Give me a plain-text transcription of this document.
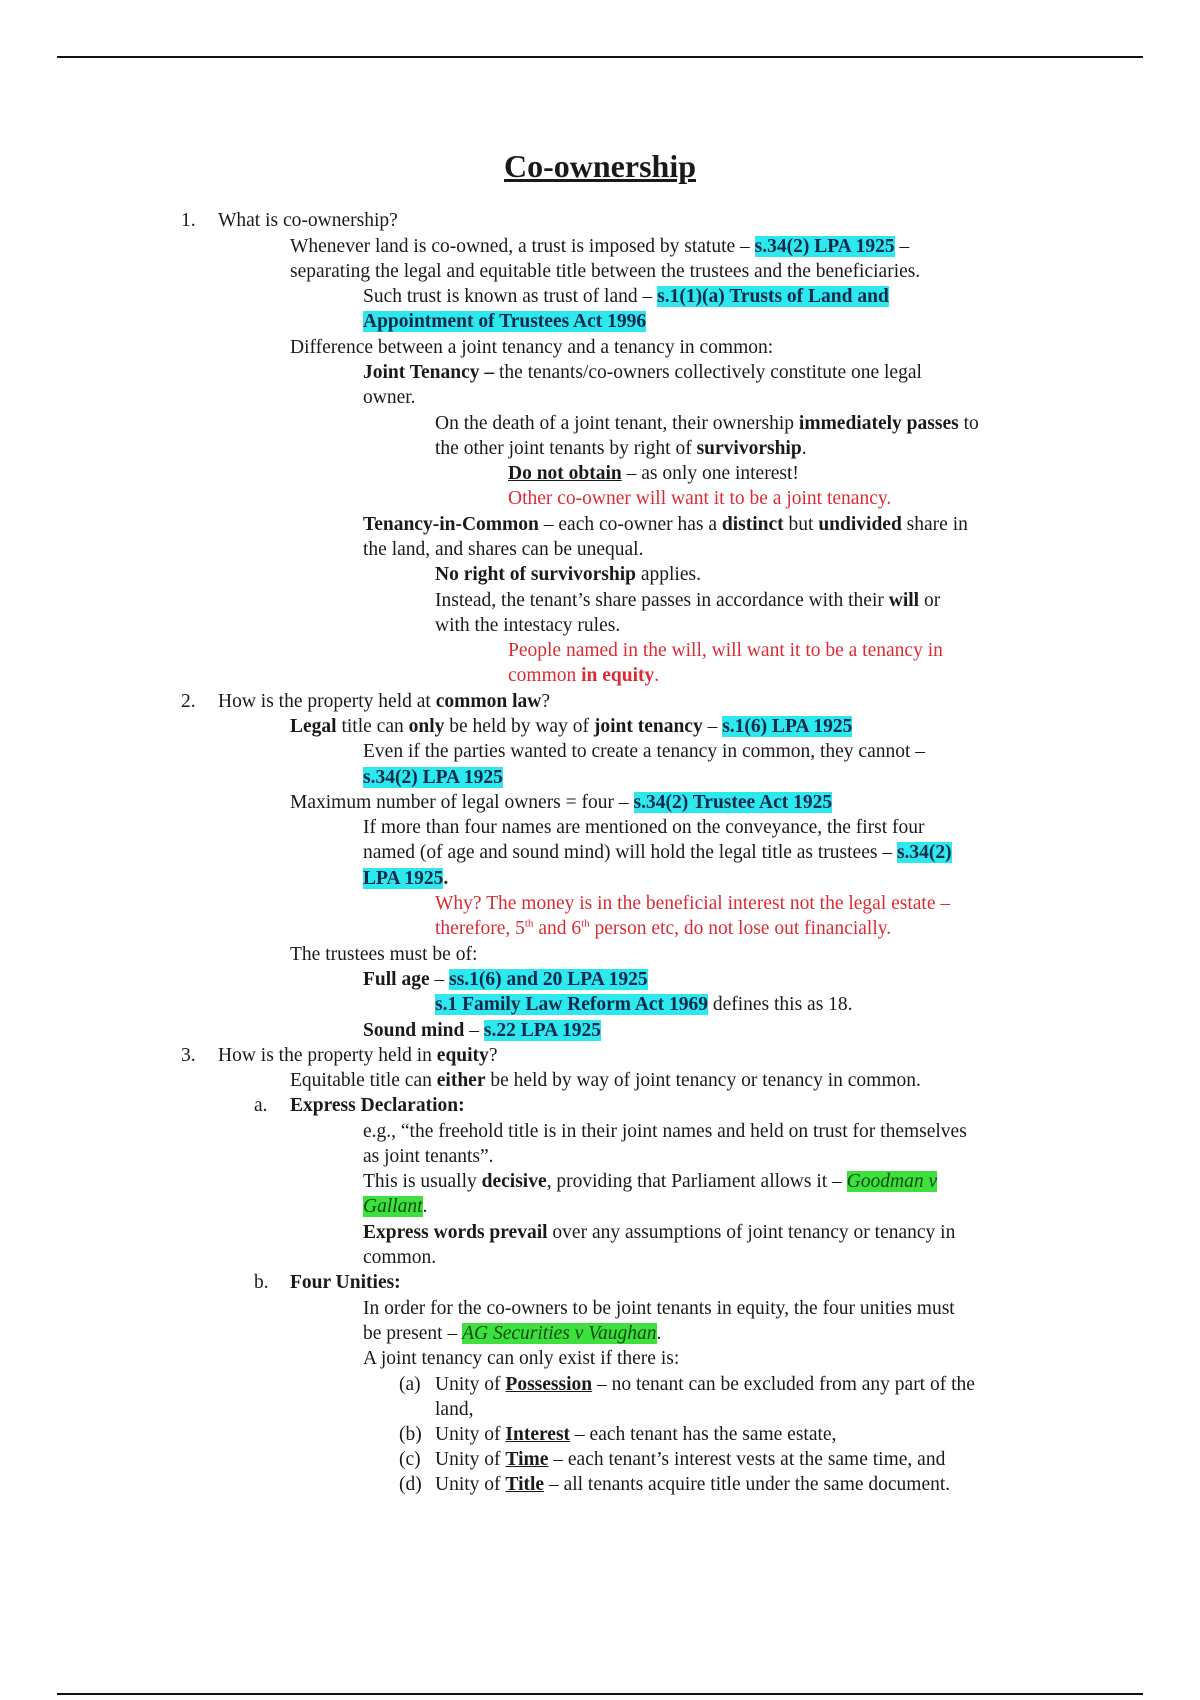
Co-ownership
1. What is co-ownership?
Whenever land is co-owned, a trust is imposed by statute – s.34(2) LPA 1925 –
separating the legal and equitable title between the trustees and the beneficiaries.
Such trust is known as trust of land – s.1(1)(a) Trusts of Land and
Appointment of Trustees Act 1996
Difference between a joint tenancy and a tenancy in common:
Joint Tenancy – the tenants/co-owners collectively constitute one legal
owner.
On the death of a joint tenant, their ownership immediately passes to
the other joint tenants by right of survivorship.
Do not obtain – as only one interest!
Other co-owner will want it to be a joint tenancy.
Tenancy-in-Common – each co-owner has a distinct but undivided share in
the land, and shares can be unequal.
No right of survivorship applies.
Instead, the tenant’s share passes in accordance with their will or
with the intestacy rules.
People named in the will, will want it to be a tenancy in
common in equity.
2. How is the property held at common law?
Legal title can only be held by way of joint tenancy – s.1(6) LPA 1925
Even if the parties wanted to create a tenancy in common, they cannot –
s.34(2) LPA 1925
Maximum number of legal owners = four – s.34(2) Trustee Act 1925
If more than four names are mentioned on the conveyance, the first four
named (of age and sound mind) will hold the legal title as trustees – s.34(2)
LPA 1925.
Why? The money is in the beneficial interest not the legal estate –
therefore, 5th and 6th person etc, do not lose out financially.
The trustees must be of:
Full age – ss.1(6) and 20 LPA 1925
s.1 Family Law Reform Act 1969 defines this as 18.
Sound mind – s.22 LPA 1925
3. How is the property held in equity?
Equitable title can either be held by way of joint tenancy or tenancy in common.
a. Express Declaration:
e.g., “the freehold title is in their joint names and held on trust for themselves
as joint tenants”.
This is usually decisive, providing that Parliament allows it – Goodman v
Gallant.
Express words prevail over any assumptions of joint tenancy or tenancy in
common.
b. Four Unities:
In order for the co-owners to be joint tenants in equity, the four unities must
be present – AG Securities v Vaughan.
A joint tenancy can only exist if there is:
(a) Unity of Possession – no tenant can be excluded from any part of the
land,
(b) Unity of Interest – each tenant has the same estate,
(c) Unity of Time – each tenant’s interest vests at the same time, and
(d) Unity of Title – all tenants acquire title under the same document.
